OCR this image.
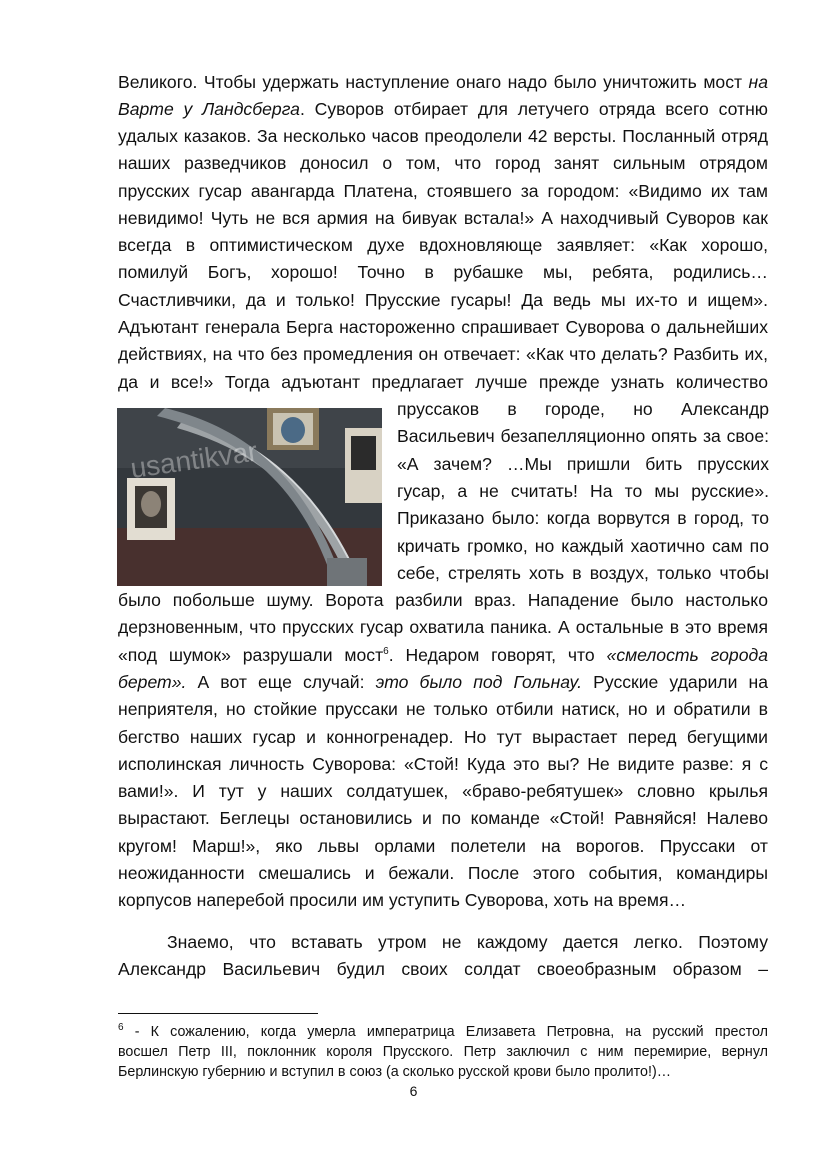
Великого. Чтобы удержать наступление онаго надо было уничтожить мост на
Варте у Ландсберга. Суворов отбирает для летучего отряда всего сотню
удалых казаков. За несколько часов преодолели 42 версты. Посланный отряд
наших разведчиков доносил о том, что город занят сильным отрядом
прусских гусар авангарда Платена, стоявшего за городом: «Видимо их там
невидимо! Чуть не вся армия на бивуак встала!» А находчивый Суворов как
всегда в оптимистическом духе вдохновляюще заявляет: «Как хорошо,
помилуй Богъ, хорошо! Точно в рубашке мы, ребята, родились…
Счастливчики, да и только! Прусские гусары! Да ведь мы их-то и ищем».
Адъютант генерала Берга настороженно спрашивает Суворова о дальнейших
действиях, на что без промедления он отвечает: «Как что делать? Разбить их,
да и все!» Тогда адъютант предлагает лучше прежде узнать количество
usantikvar
пруссаков в городе, но Александр
Васильевич безапелляционно опять за свое:
«А зачем? …Мы пришли бить прусских
гусар, а не считать! На то мы русские».
Приказано было: когда ворвутся в город, то
кричать громко, но каждый хаотично сам по
себе, стрелять хоть в воздух, только чтобы
было побольше шуму. Ворота разбили враз. Нападение было настолько
дерзновенным, что прусских гусар охватила паника. А остальные в это время
«под шумок» разрушали мост$^6$. Недаром говорят, что «смелость города
берет». А вот еще случай: это было под Гольнау. Русские ударили на
неприятеля, но стойкие пруссаки не только отбили натиск, но и обратили в
бегство наших гусар и конногренадер. Но тут вырастает перед бегущими
исполинская личность Суворова: «Стой! Куда это вы? Не видите разве: я с
вами!». И тут у наших солдатушек, «браво-ребятушек» словно крылья
вырастают. Беглецы остановились и по команде «Стой! Равняйся! Налево
кругом! Марш!», яко львы орлами полетели на ворогов. Пруссаки от
неожиданности смешались и бежали. После этого события, командиры
корпусов наперебой просили им уступить Суворова, хоть на время…
Знаемо, что вставать утром не каждому дается легко. Поэтому
Александр Васильевич будил своих солдат своеобразным образом –
$^6$ - К сожалению, когда умерла императрица Елизавета Петровна, на русский престол
восшел Петр III, поклонник короля Прусского. Петр заключил с ним перемирие, вернул
Берлинскую губернию и вступил в союз (а сколько русской крови было пролито!)…
6
